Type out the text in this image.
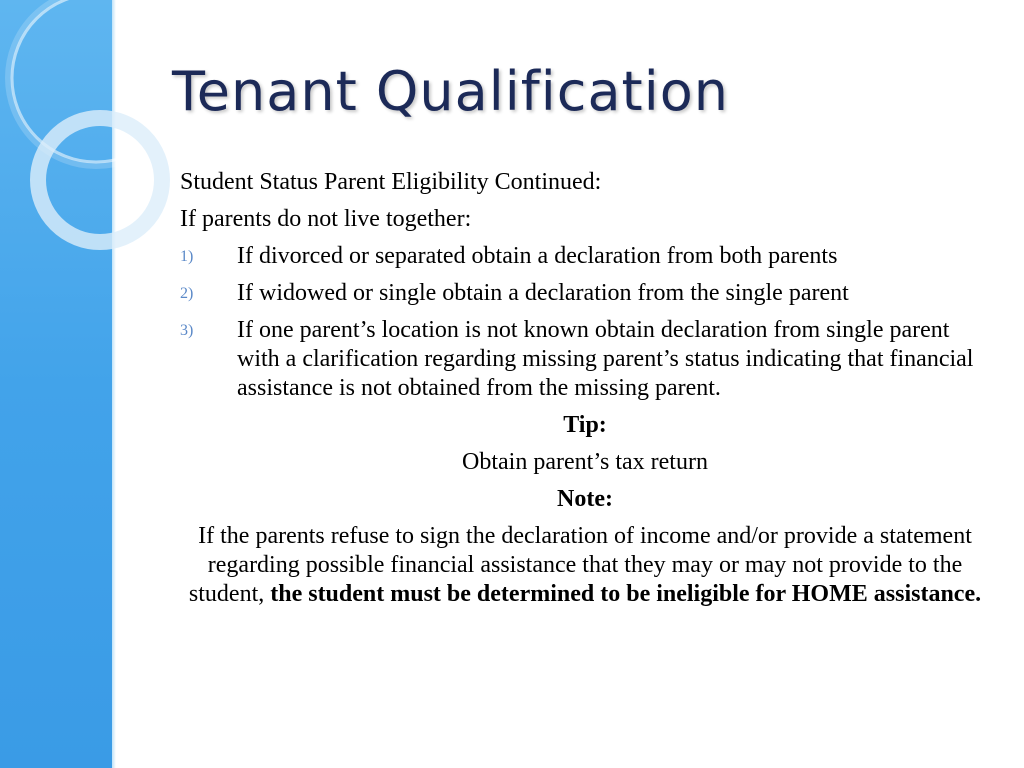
Tenant Qualification

Student Status Parent Eligibility Continued:

If parents do not live together:

1)	If divorced or separated obtain a declaration from both parents
2)	If widowed or single obtain a declaration from the single parent
3)	If one parent’s location is not known obtain declaration from single parent with a clarification regarding missing parent’s status indicating that financial assistance is not obtained from the missing parent.
Tip:
Obtain parent’s tax return
Note:
If the parents refuse to sign the declaration of income and/or provide a statement regarding possible financial assistance that they may or may not provide to the student, the student must be determined to be ineligible for HOME assistance.
